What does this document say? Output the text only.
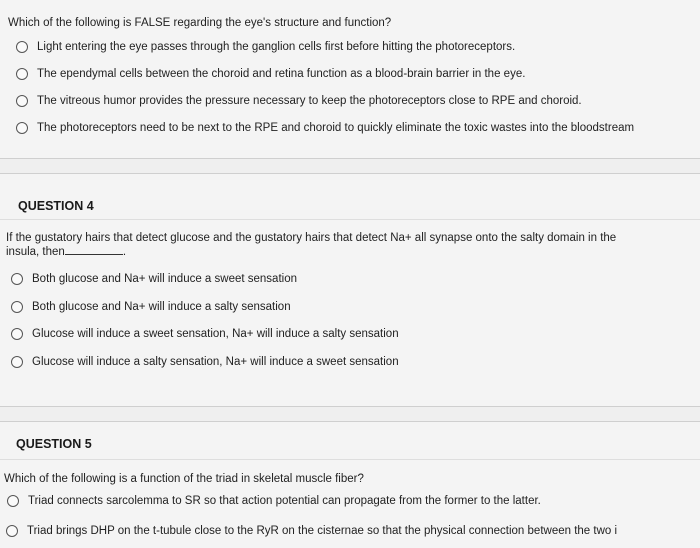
Which of the following is FALSE regarding the eye's structure and function?
Light entering the eye passes through the ganglion cells first before hitting the photoreceptors.
The ependymal cells between the choroid and retina function as a blood-brain barrier in the eye.
The vitreous humor provides the pressure necessary to keep the photoreceptors close to RPE and choroid.
The photoreceptors need to be next to the RPE and choroid to quickly eliminate the toxic wastes into the bloodstream
QUESTION 4
If the gustatory hairs that detect glucose and the gustatory hairs that detect Na+ all synapse onto the salty domain in the
insula, then	.
Both glucose and Na+ will induce a sweet sensation
Both glucose and Na+ will induce a salty sensation
Glucose will induce a sweet sensation, Na+ will induce a salty sensation
Glucose will induce a salty sensation, Na+ will induce a sweet sensation
QUESTION 5
Which of the following is a function of the triad in skeletal muscle fiber?
Triad connects sarcolemma to SR so that action potential can propagate from the former to the latter.
Triad brings DHP on the t-tubule close to the RyR on the cisternae so that the physical connection between the two i
